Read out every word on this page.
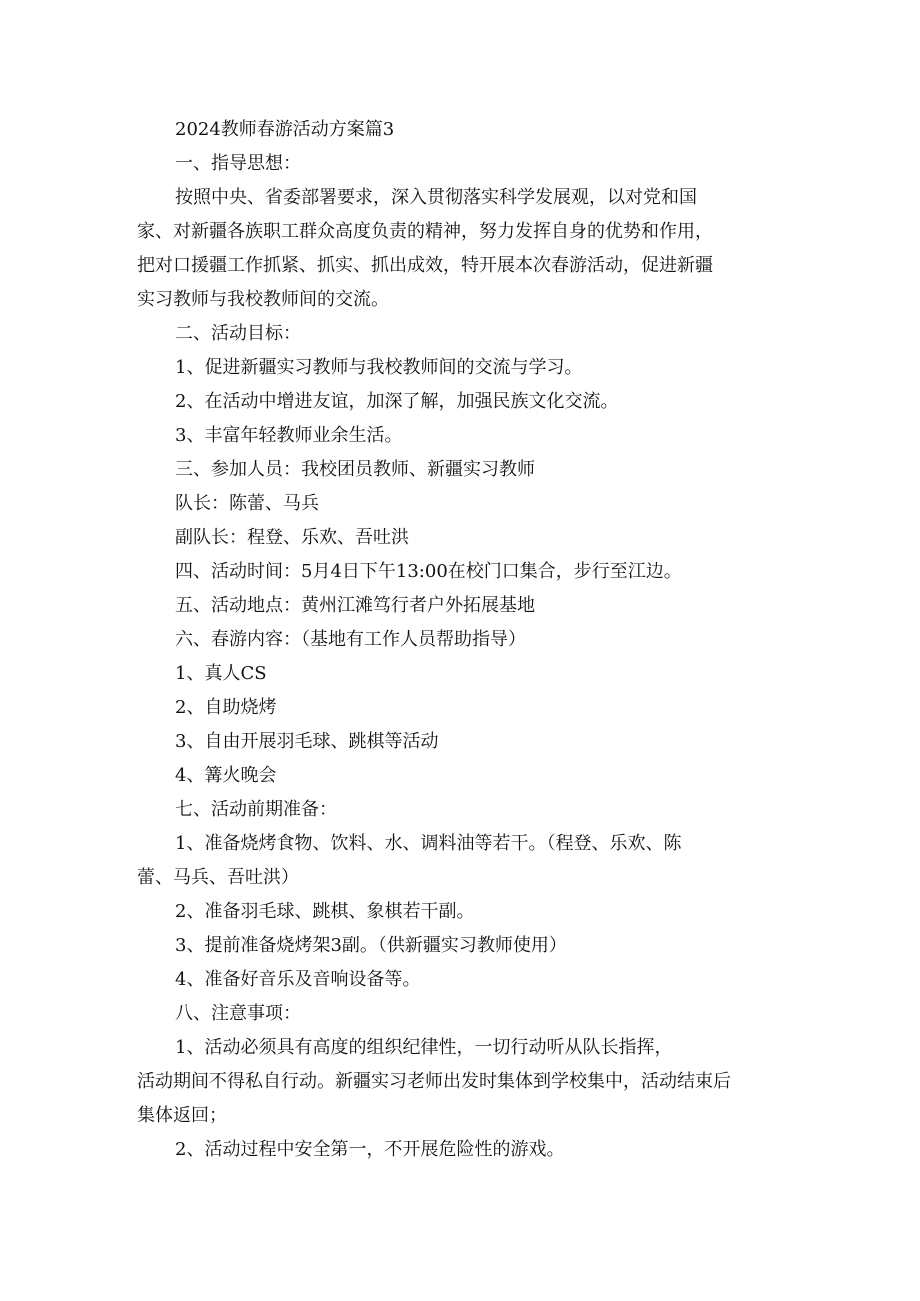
2024教师春游活动方案篇3

一、指导思想：

按照中央、省委部署要求，深入贯彻落实科学发展观，以对党和国

家、对新疆各族职工群众高度负责的精神，努力发挥自身的优势和作用，

把对口援疆工作抓紧、抓实、抓出成效，特开展本次春游活动，促进新疆

实习教师与我校教师间的交流。

二、活动目标：

1、促进新疆实习教师与我校教师间的交流与学习。

2、在活动中增进友谊，加深了解，加强民族文化交流。

3、丰富年轻教师业余生活。

三、参加人员：我校团员教师、新疆实习教师

队长：陈蕾、马兵

副队长：程登、乐欢、吾吐洪

四、活动时间：5月4日下午13:00在校门口集合，步行至江边。

五、活动地点：黄州江滩笃行者户外拓展基地

六、春游内容：（基地有工作人员帮助指导）

1、真人CS

2、自助烧烤

3、自由开展羽毛球、跳棋等活动

4、篝火晚会

七、活动前期准备：

1、准备烧烤食物、饮料、水、调料油等若干。（程登、乐欢、陈

蕾、马兵、吾吐洪）

2、准备羽毛球、跳棋、象棋若干副。

3、提前准备烧烤架3副。（供新疆实习教师使用）

4、准备好音乐及音响设备等。

八、注意事项：

1、活动必须具有高度的组织纪律性，一切行动听从队长指挥，

活动期间不得私自行动。新疆实习老师出发时集体到学校集中，活动结束后

集体返回；

2、活动过程中安全第一，不开展危险性的游戏。
